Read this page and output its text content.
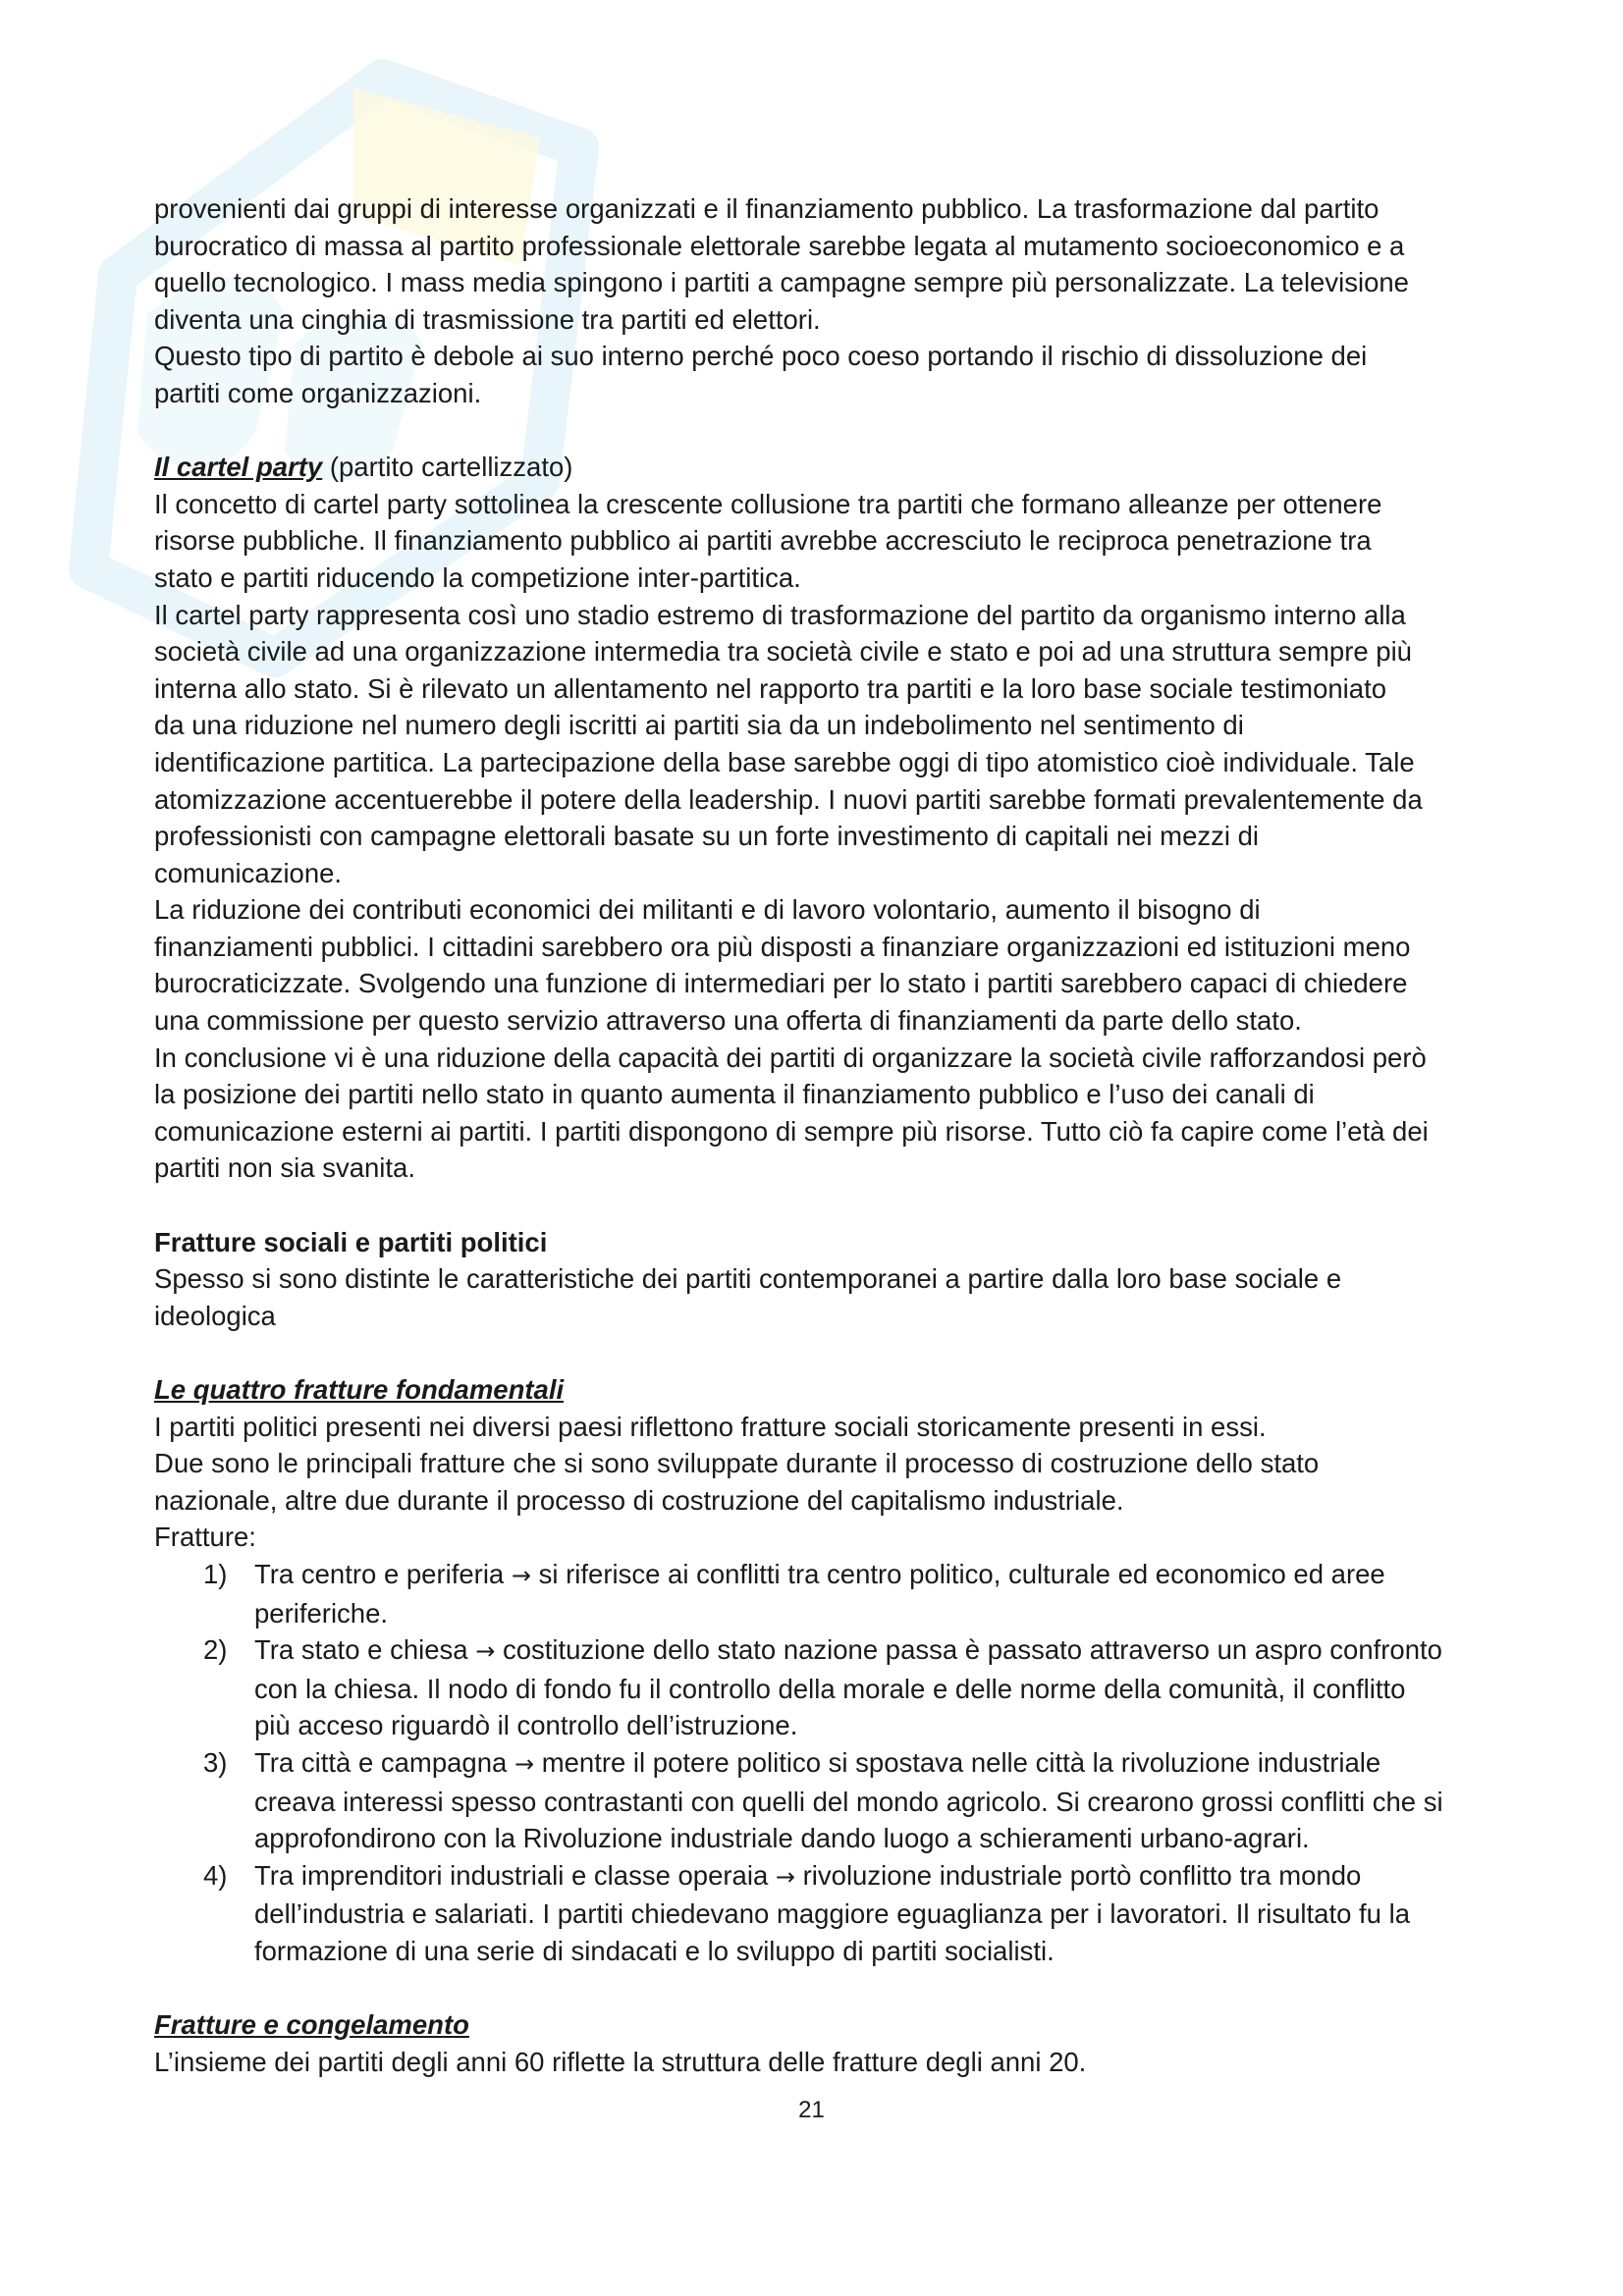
provenienti dai gruppi di interesse organizzati e il finanziamento pubblico. La trasformazione dal partito

burocratico di massa al partito professionale elettorale sarebbe legata al mutamento socioeconomico e a

quello tecnologico. I mass media spingono i partiti a campagne sempre più personalizzate. La televisione

diventa una cinghia di trasmissione tra partiti ed elettori.

Questo tipo di partito è debole ai suo interno perché poco coeso portando il rischio di dissoluzione dei

partiti come organizzazioni.

Il cartel party (partito cartellizzato)

Il concetto di cartel party sottolinea la crescente collusione tra partiti che formano alleanze per ottenere

risorse pubbliche. Il finanziamento pubblico ai partiti avrebbe accresciuto le reciproca penetrazione tra

stato e partiti riducendo la competizione inter-partitica.

Il cartel party rappresenta così uno stadio estremo di trasformazione del partito da organismo interno alla

società civile ad una organizzazione intermedia tra società civile e stato e poi ad una struttura sempre più

interna allo stato. Si è rilevato un allentamento nel rapporto tra partiti e la loro base sociale testimoniato

da una riduzione nel numero degli iscritti ai partiti sia da un indebolimento nel sentimento di

identificazione partitica. La partecipazione della base sarebbe oggi di tipo atomistico cioè individuale. Tale

atomizzazione accentuerebbe il potere della leadership. I nuovi partiti sarebbe formati prevalentemente da

professionisti con campagne elettorali basate su un forte investimento di capitali nei mezzi di

comunicazione.

La riduzione dei contributi economici dei militanti e di lavoro volontario, aumento il bisogno di

finanziamenti pubblici. I cittadini sarebbero ora più disposti a finanziare organizzazioni ed istituzioni meno

burocraticizzate. Svolgendo una funzione di intermediari per lo stato i partiti sarebbero capaci di chiedere

una commissione per questo servizio attraverso una offerta di finanziamenti da parte dello stato.

In conclusione vi è una riduzione della capacità dei partiti di organizzare la società civile rafforzandosi però

la posizione dei partiti nello stato in quanto aumenta il finanziamento pubblico e l’uso dei canali di

comunicazione esterni ai partiti. I partiti dispongono di sempre più risorse. Tutto ciò fa capire come l’età dei

partiti non sia svanita.

Fratture sociali e partiti politici

Spesso si sono distinte le caratteristiche dei partiti contemporanei a partire dalla loro base sociale e

ideologica

Le quattro fratture fondamentali

I partiti politici presenti nei diversi paesi riflettono fratture sociali storicamente presenti in essi.

Due sono le principali fratture che si sono sviluppate durante il processo di costruzione dello stato

nazionale, altre due durante il processo di costruzione del capitalismo industriale.

Fratture:

1) Tra centro e periferia → si riferisce ai conflitti tra centro politico, culturale ed economico ed aree
periferiche.
2) Tra stato e chiesa → costituzione dello stato nazione passa è passato attraverso un aspro confronto
con la chiesa. Il nodo di fondo fu il controllo della morale e delle norme della comunità, il conflitto
più acceso riguardò il controllo dell’istruzione.
3) Tra città e campagna → mentre il potere politico si spostava nelle città la rivoluzione industriale
creava interessi spesso contrastanti con quelli del mondo agricolo. Si crearono grossi conflitti che si
approfondirono con la Rivoluzione industriale dando luogo a schieramenti urbano-agrari.
4) Tra imprenditori industriali e classe operaia → rivoluzione industriale portò conflitto tra mondo
dell’industria e salariati. I partiti chiedevano maggiore eguaglianza per i lavoratori. Il risultato fu la
formazione di una serie di sindacati e lo sviluppo di partiti socialisti.

Fratture e congelamento

L’insieme dei partiti degli anni 60 riflette la struttura delle fratture degli anni 20.

21
